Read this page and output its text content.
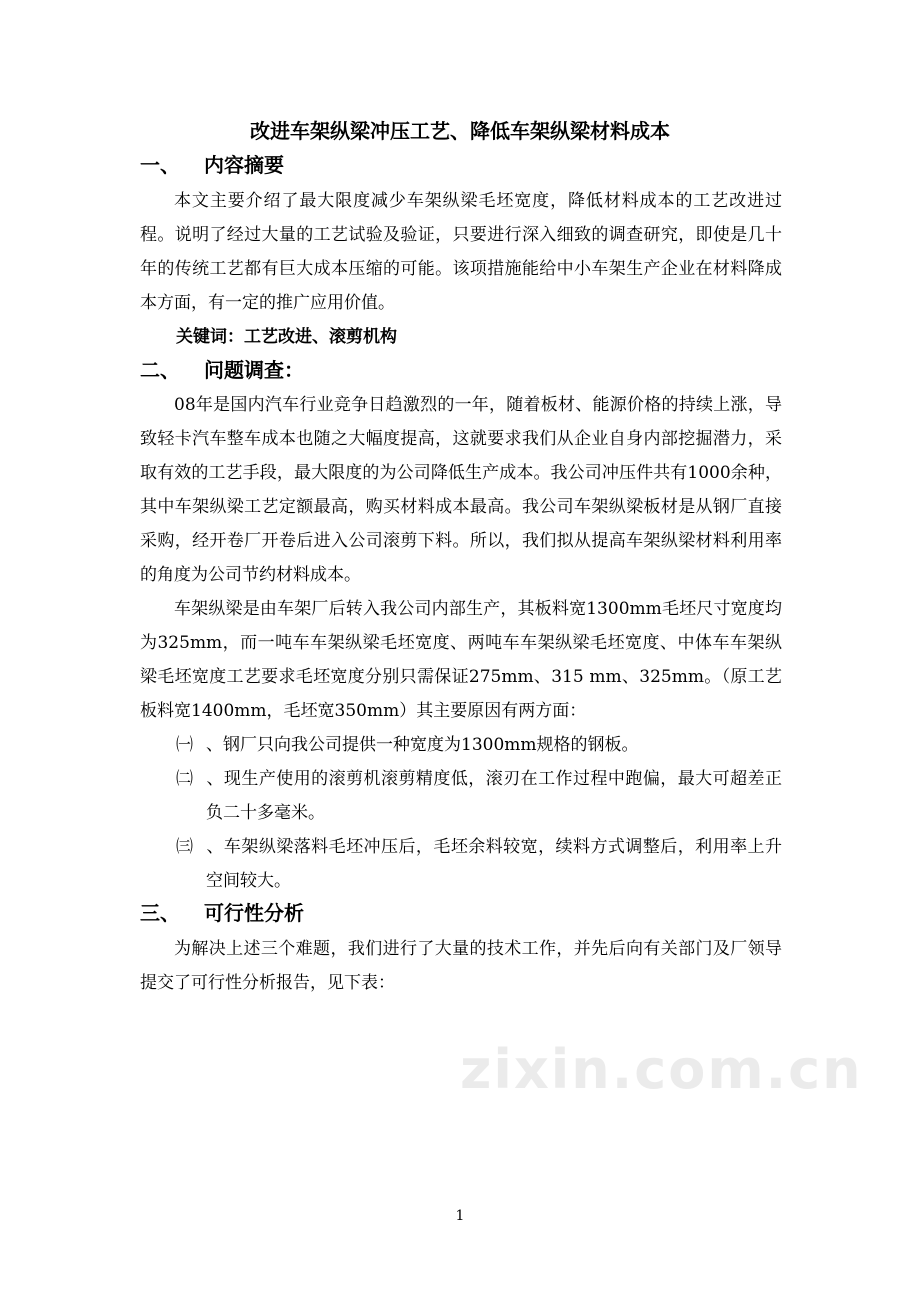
改进车架纵梁冲压工艺、降低车架纵梁材料成本
一、 内容摘要

本文主要介绍了最大限度减少车架纵梁毛坯宽度，降低材料成本的工艺改进过程。说明了经过大量的工艺试验及验证，只要进行深入细致的调查研究，即使是几十年的传统工艺都有巨大成本压缩的可能。该项措施能给中小车架生产企业在材料降成本方面，有一定的推广应用价值。

关键词：工艺改进、滚剪机构
二、 问题调查：

08年是国内汽车行业竞争日趋激烈的一年，随着板材、能源价格的持续上涨，导致轻卡汽车整车成本也随之大幅度提高，这就要求我们从企业自身内部挖掘潜力，采取有效的工艺手段，最大限度的为公司降低生产成本。我公司冲压件共有1000余种，其中车架纵梁工艺定额最高，购买材料成本最高。我公司车架纵梁板材是从钢厂直接采购，经开卷厂开卷后进入公司滚剪下料。所以，我们拟从提高车架纵梁材料利用率的角度为公司节约材料成本。

车架纵梁是由车架厂后转入我公司内部生产，其板料宽1300mm毛坯尺寸宽度均为325mm，而一吨车车架纵梁毛坯宽度、两吨车车架纵梁毛坯宽度、中体车车架纵梁毛坯宽度工艺要求毛坯宽度分别只需保证275mm、315 mm、325mm。（原工艺板料宽1400mm，毛坯宽350mm）其主要原因有两方面：

㈠ 、钢厂只向我公司提供一种宽度为1300mm规格的钢板。
㈡ 、现生产使用的滚剪机滚剪精度低，滚刃在工作过程中跑偏，最大可超差正负二十多毫米。
㈢ 、车架纵梁落料毛坯冲压后，毛坯余料较宽，续料方式调整后，利用率上升空间较大。
三、 可行性分析

为解决上述三个难题，我们进行了大量的技术工作，并先后向有关部门及厂领导提交了可行性分析报告，见下表：

zixin.com.cn
1
